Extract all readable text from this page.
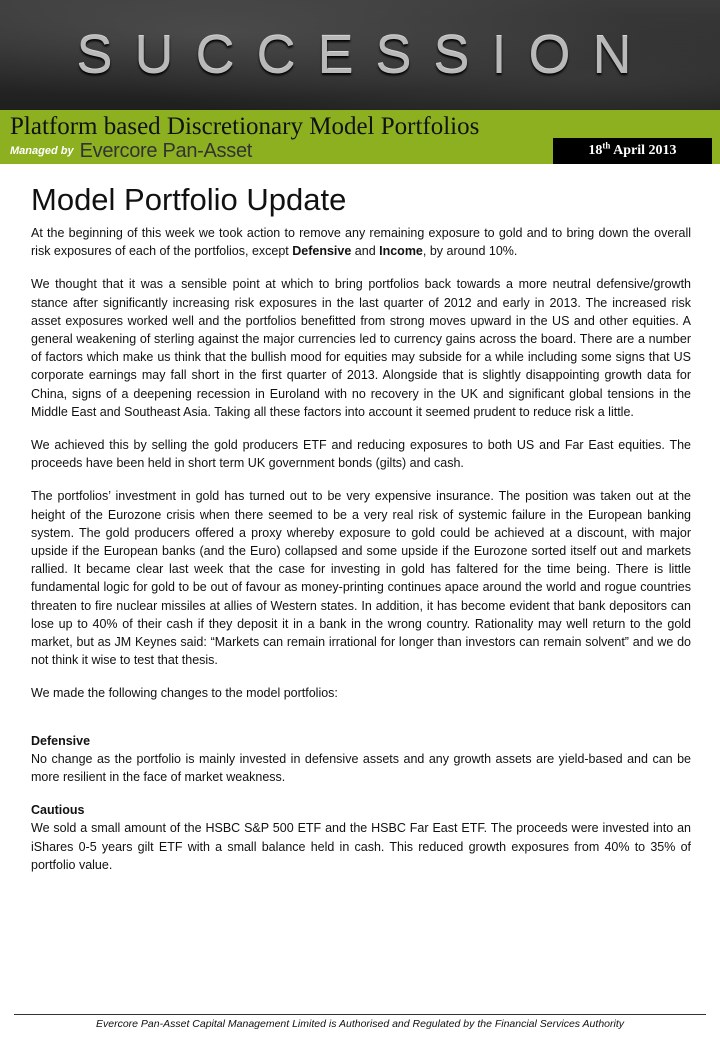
SUCCESSION
Platform based Discretionary Model Portfolios
Managed by Evercore Pan-Asset	18th April 2013
Model Portfolio Update

At the beginning of this week we took action to remove any remaining exposure to gold and to bring down the overall risk exposures of each of the portfolios, except Defensive and Income, by around 10%.

We thought that it was a sensible point at which to bring portfolios back towards a more neutral defensive/growth stance after significantly increasing risk exposures in the last quarter of 2012 and early in 2013. The increased risk asset exposures worked well and the portfolios benefitted from strong moves upward in the US and other equities. A general weakening of sterling against the major currencies led to currency gains across the board. There are a number of factors which make us think that the bullish mood for equities may subside for a while including some signs that US corporate earnings may fall short in the first quarter of 2013. Alongside that is slightly disappointing growth data for China, signs of a deepening recession in Euroland with no recovery in the UK and significant global tensions in the Middle East and Southeast Asia. Taking all these factors into account it seemed prudent to reduce risk a little.

We achieved this by selling the gold producers ETF and reducing exposures to both US and Far East equities. The proceeds have been held in short term UK government bonds (gilts) and cash.

The portfolios’ investment in gold has turned out to be very expensive insurance. The position was taken out at the height of the Eurozone crisis when there seemed to be a very real risk of systemic failure in the European banking system. The gold producers offered a proxy whereby exposure to gold could be achieved at a discount, with major upside if the European banks (and the Euro) collapsed and some upside if the Eurozone sorted itself out and markets rallied. It became clear last week that the case for investing in gold has faltered for the time being. There is little fundamental logic for gold to be out of favour as money-printing continues apace around the world and rogue countries threaten to fire nuclear missiles at allies of Western states. In addition, it has become evident that bank depositors can lose up to 40% of their cash if they deposit it in a bank in the wrong country. Rationality may well return to the gold market, but as JM Keynes said: “Markets can remain irrational for longer than investors can remain solvent” and we do not think it wise to test that thesis.

We made the following changes to the model portfolios:

Defensive

No change as the portfolio is mainly invested in defensive assets and any growth assets are yield-based and can be more resilient in the face of market weakness.

Cautious

We sold a small amount of the HSBC S&P 500 ETF and the HSBC Far East ETF. The proceeds were invested into an iShares 0-5 years gilt ETF with a small balance held in cash. This reduced growth exposures from 40% to 35% of portfolio value.

Evercore Pan-Asset Capital Management Limited is Authorised and Regulated by the Financial Services Authority
